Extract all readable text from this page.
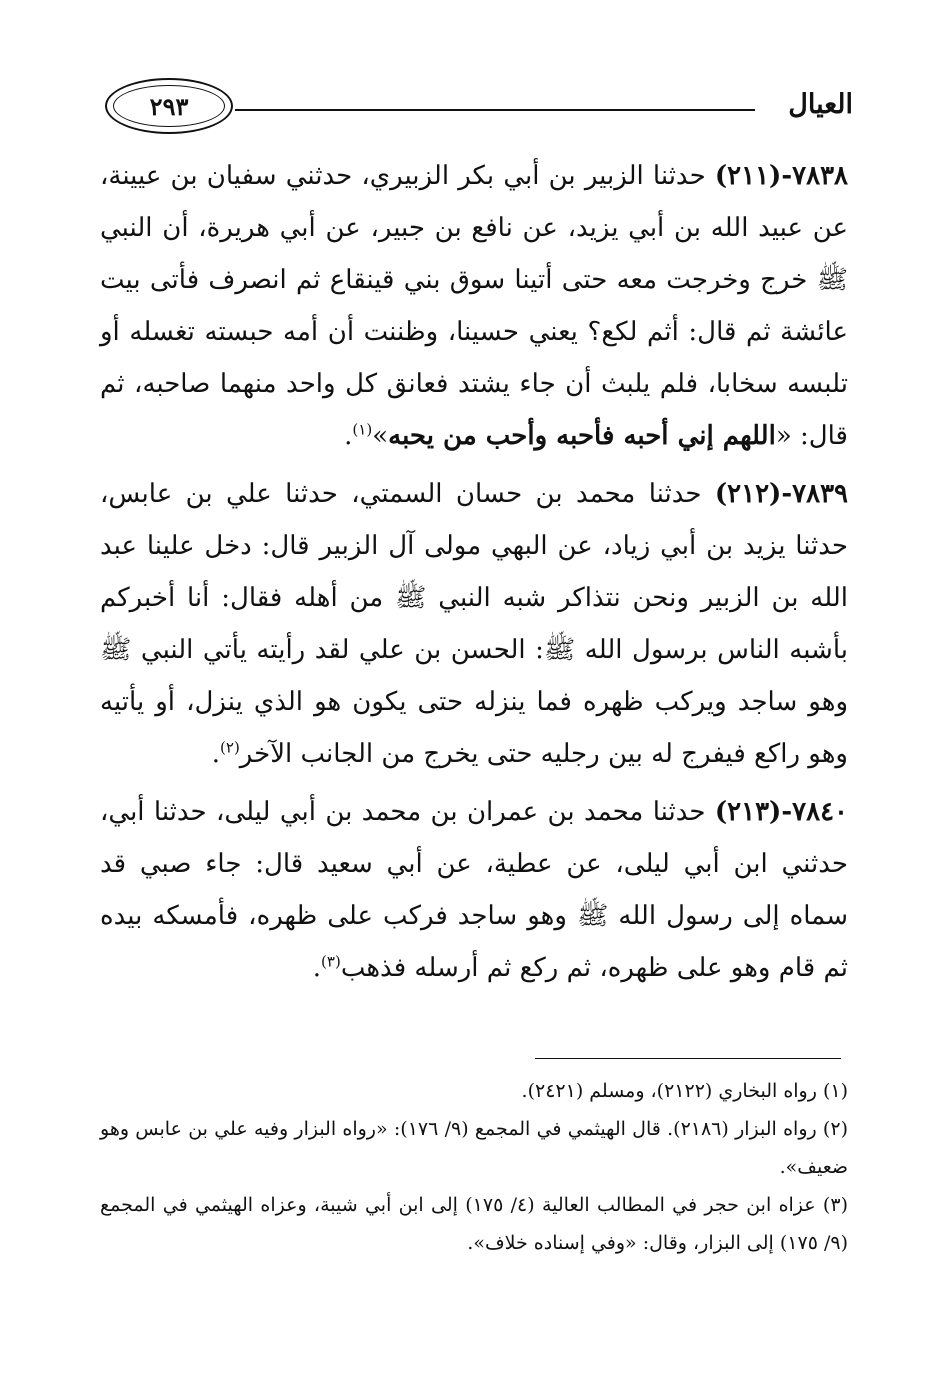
العيال
٢٩٣

٧٨٣٨-(٢١١) حدثنا الزبير بن أبي بكر الزبيري، حدثني سفيان بن عيينة، عن عبيد الله بن أبي يزيد، عن نافع بن جبير، عن أبي هريرة، أن النبي ﷺ خرج وخرجت معه حتى أتينا سوق بني قينقاع ثم انصرف فأتى بيت عائشة ثم قال: أثم لكع؟ يعني حسينا، وظننت أن أمه حبسته تغسله أو تلبسه سخابا، فلم يلبث أن جاء يشتد فعانق كل واحد منهما صاحبه، ثم قال: «اللهم إني أحبه فأحبه وأحب من يحبه»$^{(١)}$.

٧٨٣٩-(٢١٢) حدثنا محمد بن حسان السمتي، حدثنا علي بن عابس، حدثنا يزيد بن أبي زياد، عن البهي مولى آل الزبير قال: دخل علينا عبد الله بن الزبير ونحن نتذاكر شبه النبي ﷺ من أهله فقال: أنا أخبركم بأشبه الناس برسول الله ﷺ: الحسن بن علي لقد رأيته يأتي النبي ﷺ وهو ساجد ويركب ظهره فما ينزله حتى يكون هو الذي ينزل، أو يأتيه وهو راكع فيفرج له بين رجليه حتى يخرج من الجانب الآخر$^{(٢)}$.

٧٨٤٠-(٢١٣) حدثنا محمد بن عمران بن محمد بن أبي ليلى، حدثنا أبي، حدثني ابن أبي ليلى، عن عطية، عن أبي سعيد قال: جاء صبي قد سماه إلى رسول الله ﷺ وهو ساجد فركب على ظهره، فأمسكه بيده ثم قام وهو على ظهره، ثم ركع ثم أرسله فذهب$^{(٣)}$.

(١) رواه البخاري (٢١٢٢)، ومسلم (٢٤٢١).

(٢) رواه البزار (٢١٨٦). قال الهيثمي في المجمع (٩/ ١٧٦): «رواه البزار وفيه علي بن عابس وهو ضعيف».

(٣) عزاه ابن حجر في المطالب العالية (٤/ ١٧٥) إلى ابن أبي شيبة، وعزاه الهيثمي في المجمع (٩/ ١٧٥) إلى البزار، وقال: «وفي إسناده خلاف».
